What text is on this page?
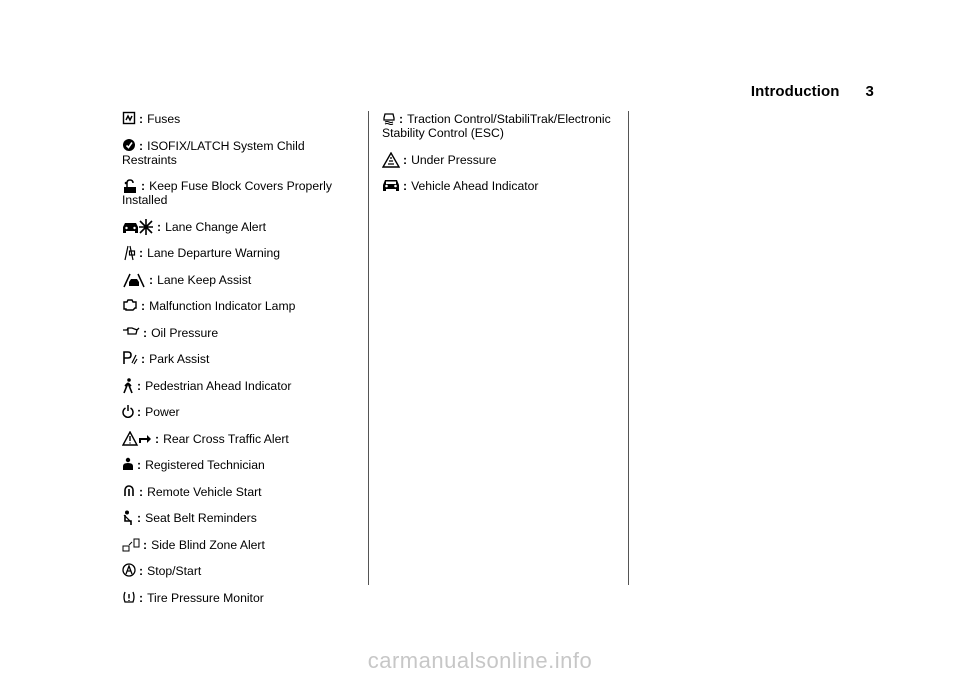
Introduction 3
: Fuses
: ISOFIX/LATCH System Child Restraints
: Keep Fuse Block Covers Properly Installed
: Lane Change Alert
: Lane Departure Warning
: Lane Keep Assist
: Malfunction Indicator Lamp
: Oil Pressure
: Park Assist
: Pedestrian Ahead Indicator
: Power
: Rear Cross Traffic Alert
: Registered Technician
: Remote Vehicle Start
: Seat Belt Reminders
: Side Blind Zone Alert
: Stop/Start
: Tire Pressure Monitor
: Traction Control/StabiliTrak/Electronic Stability Control (ESC)
: Under Pressure
: Vehicle Ahead Indicator
carmanualsonline.info
